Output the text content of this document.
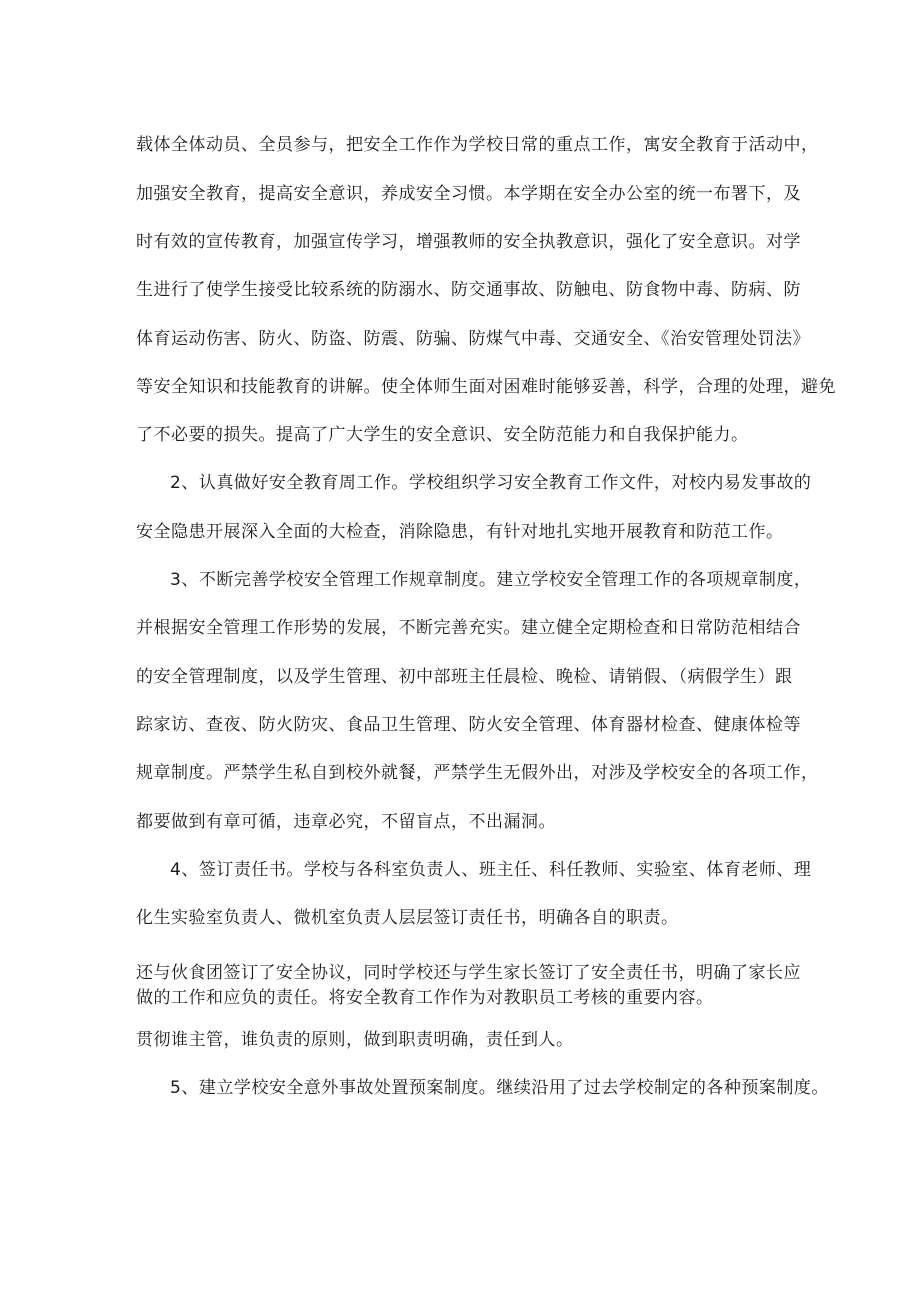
载体全体动员、全员参与，把安全工作作为学校日常的重点工作，寓安全教育于活动中，

加强安全教育，提高安全意识，养成安全习惯。本学期在安全办公室的统一布署下，及

时有效的宣传教育，加强宣传学习，增强教师的安全执教意识，强化了安全意识。对学

生进行了使学生接受比较系统的防溺水、防交通事故、防触电、防食物中毒、防病、防

体育运动伤害、防火、防盗、防震、防骗、防煤气中毒、交通安全、《治安管理处罚法》

等安全知识和技能教育的讲解。使全体师生面对困难时能够妥善，科学，合理的处理，避免

了不必要的损失。提高了广大学生的安全意识、安全防范能力和自我保护能力。

2、认真做好安全教育周工作。学校组织学习安全教育工作文件，对校内易发事故的

安全隐患开展深入全面的大检查，消除隐患，有针对地扎实地开展教育和防范工作。

3、不断完善学校安全管理工作规章制度。建立学校安全管理工作的各项规章制度，

并根据安全管理工作形势的发展，不断完善充实。建立健全定期检查和日常防范相结合

的安全管理制度，以及学生管理、初中部班主任晨检、晚检、请销假、（病假学生）跟

踪家访、查夜、防火防灾、食品卫生管理、防火安全管理、体育器材检查、健康体检等

规章制度。严禁学生私自到校外就餐，严禁学生无假外出，对涉及学校安全的各项工作，

都要做到有章可循，违章必究，不留盲点，不出漏洞。

4、签订责任书。学校与各科室负责人、班主任、科任教师、实验室、体育老师、理

化生实验室负责人、微机室负责人层层签订责任书，明确各自的职责。

还与伙食团签订了安全协议，同时学校还与学生家长签订了安全责任书，明确了家长应

做的工作和应负的责任。将安全教育工作作为对教职员工考核的重要内容。

贯彻谁主管，谁负责的原则，做到职责明确，责任到人。

5、建立学校安全意外事故处置预案制度。继续沿用了过去学校制定的各种预案制度。
